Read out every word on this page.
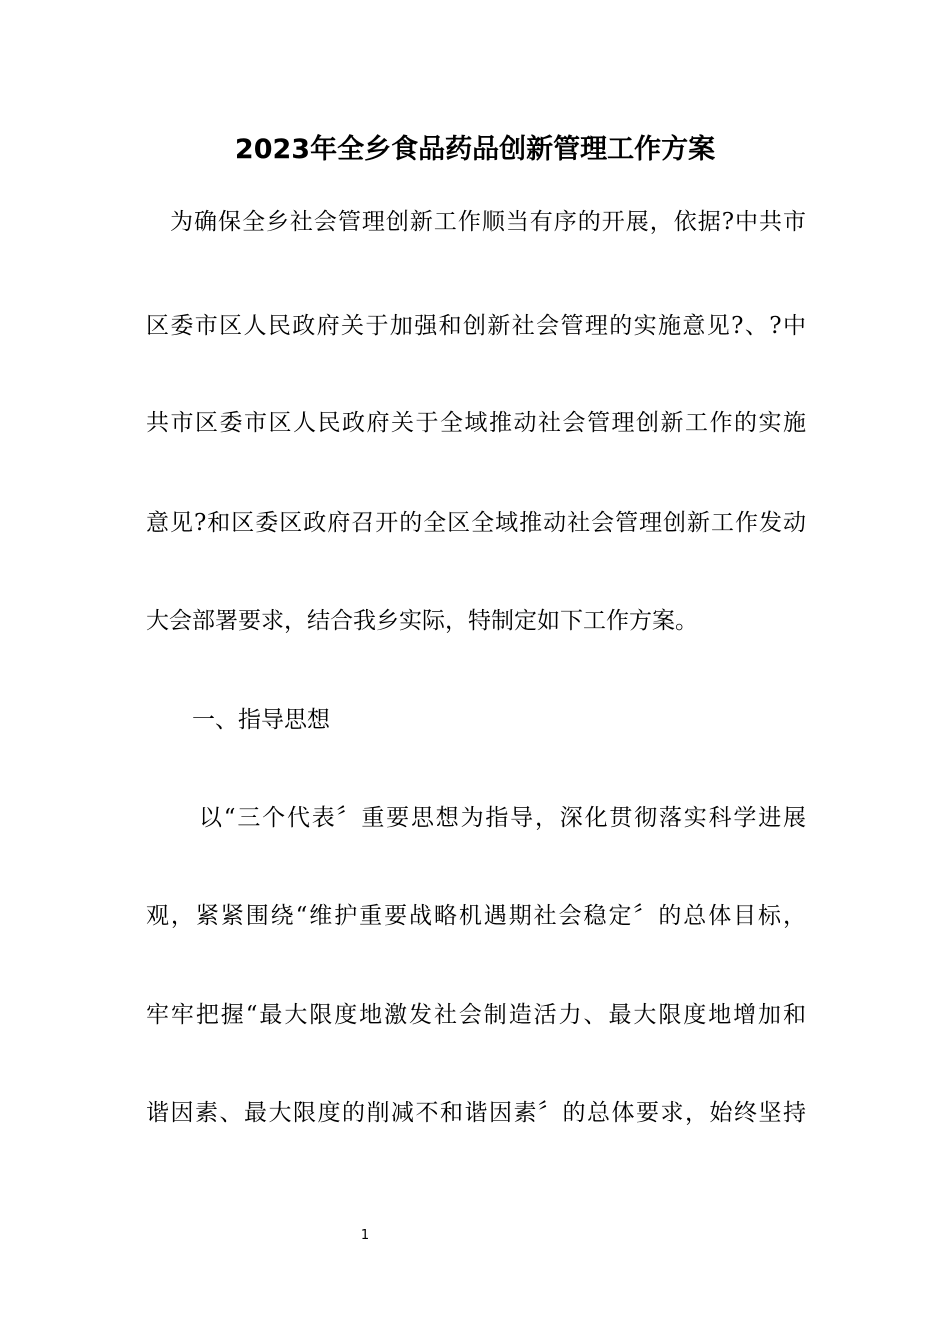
2023年全乡食品药品创新管理工作方案
为确保全乡社会管理创新工作顺当有序的开展，依据?中共市
区委市区人民政府关于加强和创新社会管理的实施意见?、?中
共市区委市区人民政府关于全域推动社会管理创新工作的实施
意见?和区委区政府召开的全区全域推动社会管理创新工作发动
大会部署要求，结合我乡实际，特制定如下工作方案。
一、指导思想
以“三个代表〞重要思想为指导，深化贯彻落实科学进展
观，紧紧围绕“维护重要战略机遇期社会稳定〞的总体目标，
牢牢把握“最大限度地激发社会制造活力、最大限度地增加和
谐因素、最大限度的削减不和谐因素〞的总体要求，始终坚持
1
